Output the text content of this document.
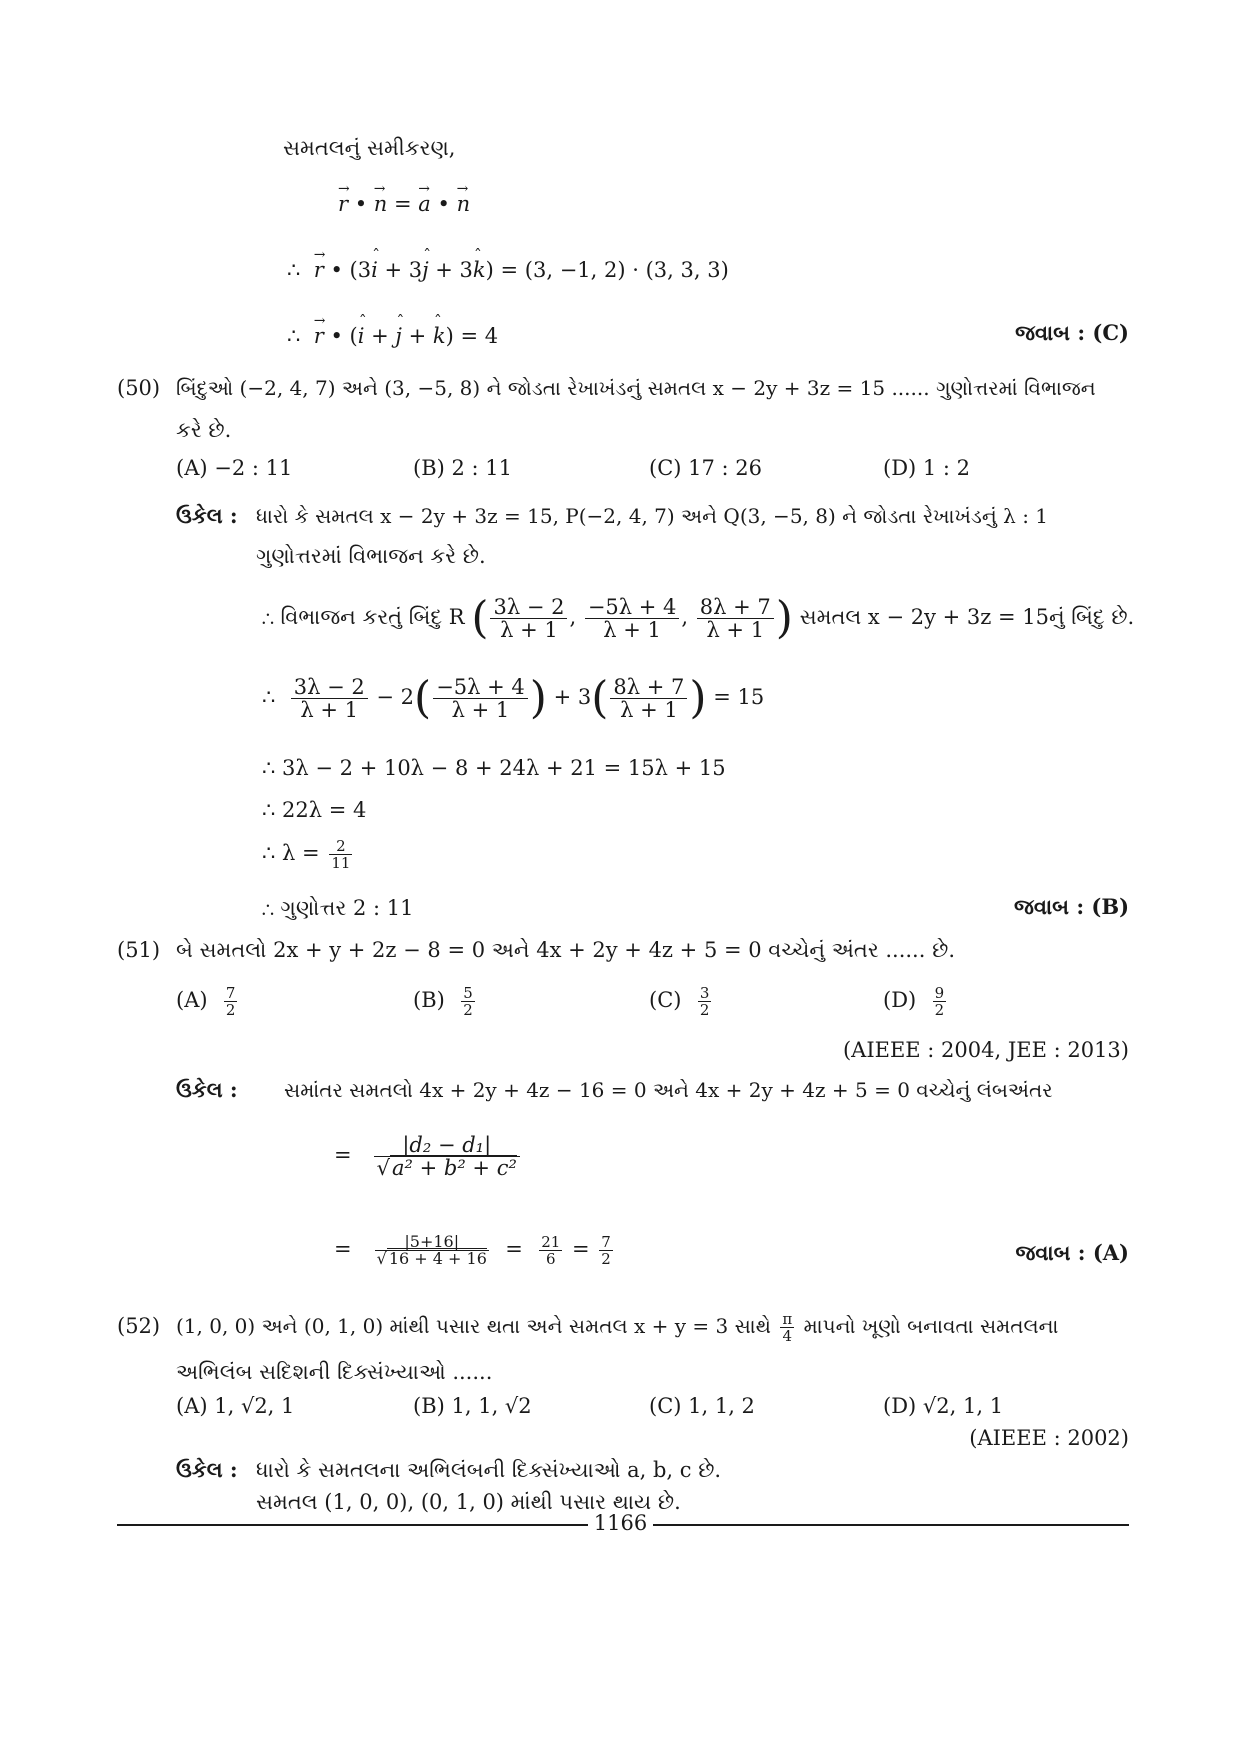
સમતલનું સમીકરણ,
→ r • → n = → a • → n
∴  → r • (3ˆ i + 3ˆ j + 3ˆ k) = (3, −1, 2) · (3, 3, 3)
∴  → r • (ˆ i + ˆ j + ˆ k) = 4	જવાબ : (C)
(50) બિંદુઓ (−2, 4, 7) અને (3, −5, 8) ને જોડતા રેખાખંડનું સમતલ x − 2y + 3z = 15 ...... ગુણોત્તરમાં વિભાજન
કરે છે.
(A) −2 : 11	(B) 2 : 11	(C) 17 : 26	(D) 1 : 2
ઉકેલ : ધારો કે સમતલ x − 2y + 3z = 15, P(−2, 4, 7) અને Q(3, −5, 8) ને જોડતા રેખાખંડનું λ : 1
ગુણોત્તરમાં વિભાજન કરે છે.
∴ વિભાજન કરતું બિંદુ R ( $\frac{3\lambda - 2}{\lambda + 1}$ , $\frac{-5\lambda + 4}{\lambda + 1}$ , $\frac{8\lambda + 7}{\lambda + 1}$ ) સમતલ x − 2y + 3z = 15નું બિંદુ છે.
∴ $\frac{3\lambda - 2}{\lambda + 1} - 2( \frac{-5\lambda + 4}{\lambda + 1}$ ) + $3( \frac{8\lambda + 7}{\lambda + 1}$ ) = 15
∴ 3λ − 2 + 10λ − 8 + 24λ + 21 = 15λ + 15
∴ 22λ = 4
∴ $\lambda = \frac{2}{11}$
∴ ગુણોત્તર 2 : 11	જવાબ : (B)
(51) બે સમતલો 2x + y + 2z − 8 = 0 અને 4x + 2y + 4z + 5 = 0 વચ્ચેનું અંતર ...... છે.
$(A) \frac{7}{2}$	$(B) \frac{5}{2}$	$(C) \frac{3}{2}$	$(D) \frac{9}{2}$
(AIEEE : 2004, JEE : 2013)
ઉકેલ : સમાંતર સમતલો 4x + 2y + 4z − 16 = 0 અને 4x + 2y + 4z + 5 = 0 વચ્ચેનું લંબઅંતર
= $\frac{\text{|d₂ − d₁|}}{\text{√a² + b² + c²}}$
= $\frac{|5+16|}{√ 16 + 4 + 16} = \frac{21}{6} = \frac{7}{2}$	જવાબ : (A)
(52) (1, 0, 0) અને (0, 1, 0) માંથી પસાર થતા અને સમતલ x + y = 3 સાથે $\frac{\pi}{4}$ માપનો ખૂણો બનાવતા સમતલના
અભિલંબ સદિશની દિક્સંખ્યાઓ ......
(A) 1, √2, 1	(B) 1, 1, √2	(C) 1, 1, 2	(D) √2, 1, 1
(AIEEE : 2002)
ઉકેલ : ધારો કે સમતલના અભિલંબની દિક્સંખ્યાઓ a, b, c છે.
1166
સમતલ (1, 0, 0), (0, 1, 0) માંથી પસાર થાય છે.
